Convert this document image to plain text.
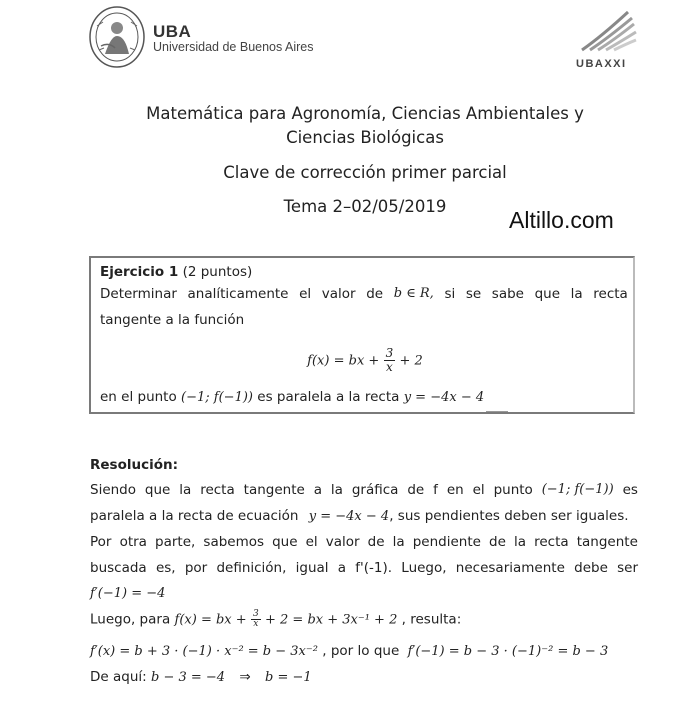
UBA
Universidad de Buenos Aires
UBAXXI
Matemática para Agronomía, Ciencias Ambientales y
Ciencias Biológicas
Clave de corrección primer parcial
Tema 2–02/05/2019
Altillo.com
Ejercicio 1 (2 puntos)
Determinar analíticamente el valor de b ∈ R, si se sabe que la recta
tangente a la función
f(x) = bx + $\frac{3}{x} + 2$
en el punto (−1; f(−1)) es paralela a la recta y = −4x − 4
Resolución:
Siendo que la recta tangente a la gráfica de f en el punto (−1; f(−1)) es
paralela a la recta de ecuación y = −4x − 4, sus pendientes deben ser iguales.
Por otra parte, sabemos que el valor de la pendiente de la recta tangente
buscada es, por definición, igual a f'(-1). Luego, necesariamente debe ser
f′(−1) = −4
Luego, para f(x) = bx + $\frac{3}{x} + 2$ = bx + 3x⁻¹ + 2 , resulta:
f′(x) = b + 3 · (−1) · x⁻² = b − 3x⁻² , por lo que f′(−1) = b − 3 · (−1)⁻² = b − 3
De aquí: b − 3 = −4 ⇒ b = −1
